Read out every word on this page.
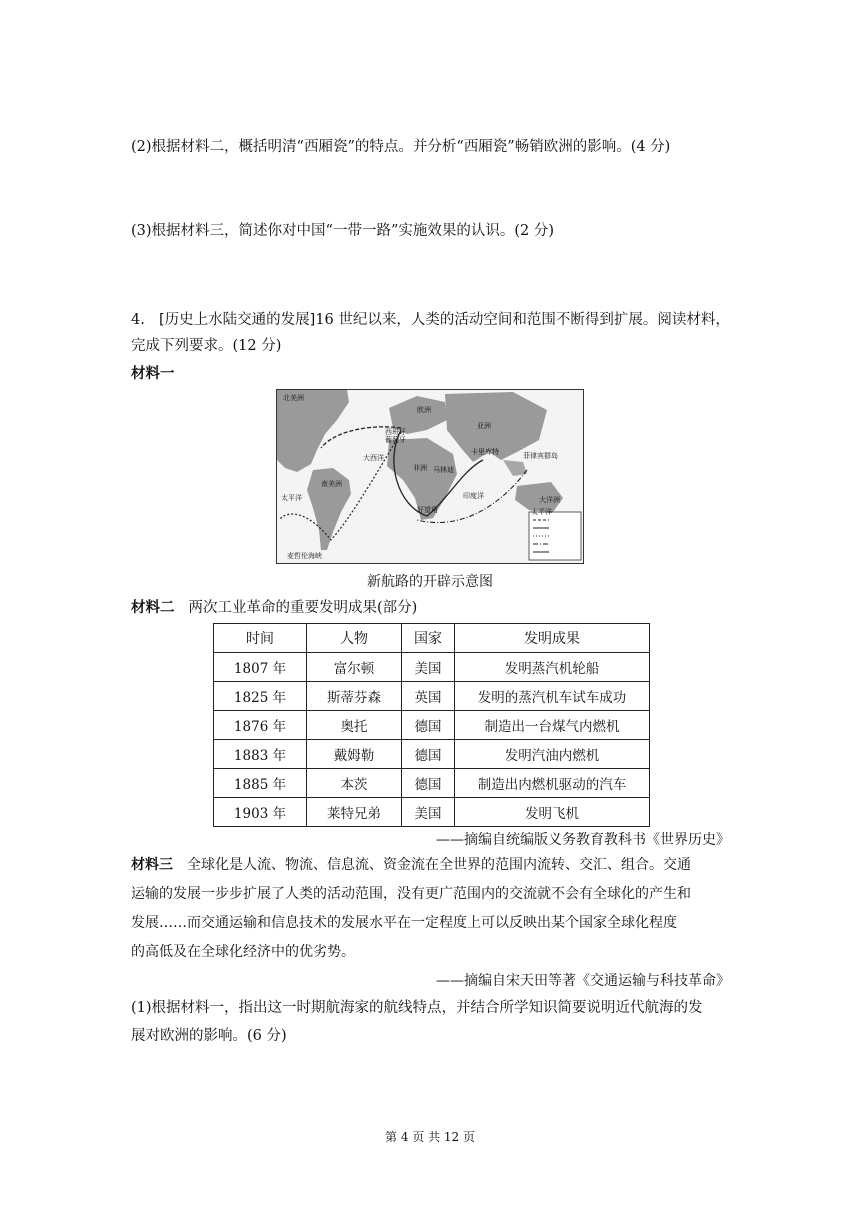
(2)根据材料二，概括明清“西厢瓷”的特点。并分析“西厢瓷”畅销欧洲的影响。(4 分)
(3)根据材料三，简述你对中国“一带一路”实施效果的认识。(2 分)
4. [历史上水陆交通的发展]16 世纪以来，人类的活动空间和范围不断得到扩展。阅读材料，
完成下列要求。(12 分)
材料一
北美洲
南美洲
欧洲
亚洲
非洲
大洋洲
大西洋
印度洋
太平洋
太平洋
西班牙
葡萄牙
卡里库特
马林迪
菲律宾群岛
好望角
麦哲伦海峡
新航路的开辟示意图
材料二 两次工业革命的重要发明成果(部分)
时间	人物	国家	发明成果
1807 年	富尔顿	美国	发明蒸汽机轮船
1825 年	斯蒂芬森	英国	发明的蒸汽机车试车成功
1876 年	奥托	德国	制造出一台煤气内燃机
1883 年	戴姆勒	德国	发明汽油内燃机
1885 年	本茨	德国	制造出内燃机驱动的汽车
1903 年	莱特兄弟	美国	发明飞机
——摘编自统编版义务教育教科书《世界历史》
材料三 全球化是人流、物流、信息流、资金流在全世界的范围内流转、交汇、组合。交通
运输的发展一步步扩展了人类的活动范围，没有更广范围内的交流就不会有全球化的产生和
发展……而交通运输和信息技术的发展水平在一定程度上可以反映出某个国家全球化程度
的高低及在全球化经济中的优劣势。
——摘编自宋天田等著《交通运输与科技革命》
(1)根据材料一，指出这一时期航海家的航线特点，并结合所学知识简要说明近代航海的发
展对欧洲的影响。(6 分)
第 4 页 共 12 页
